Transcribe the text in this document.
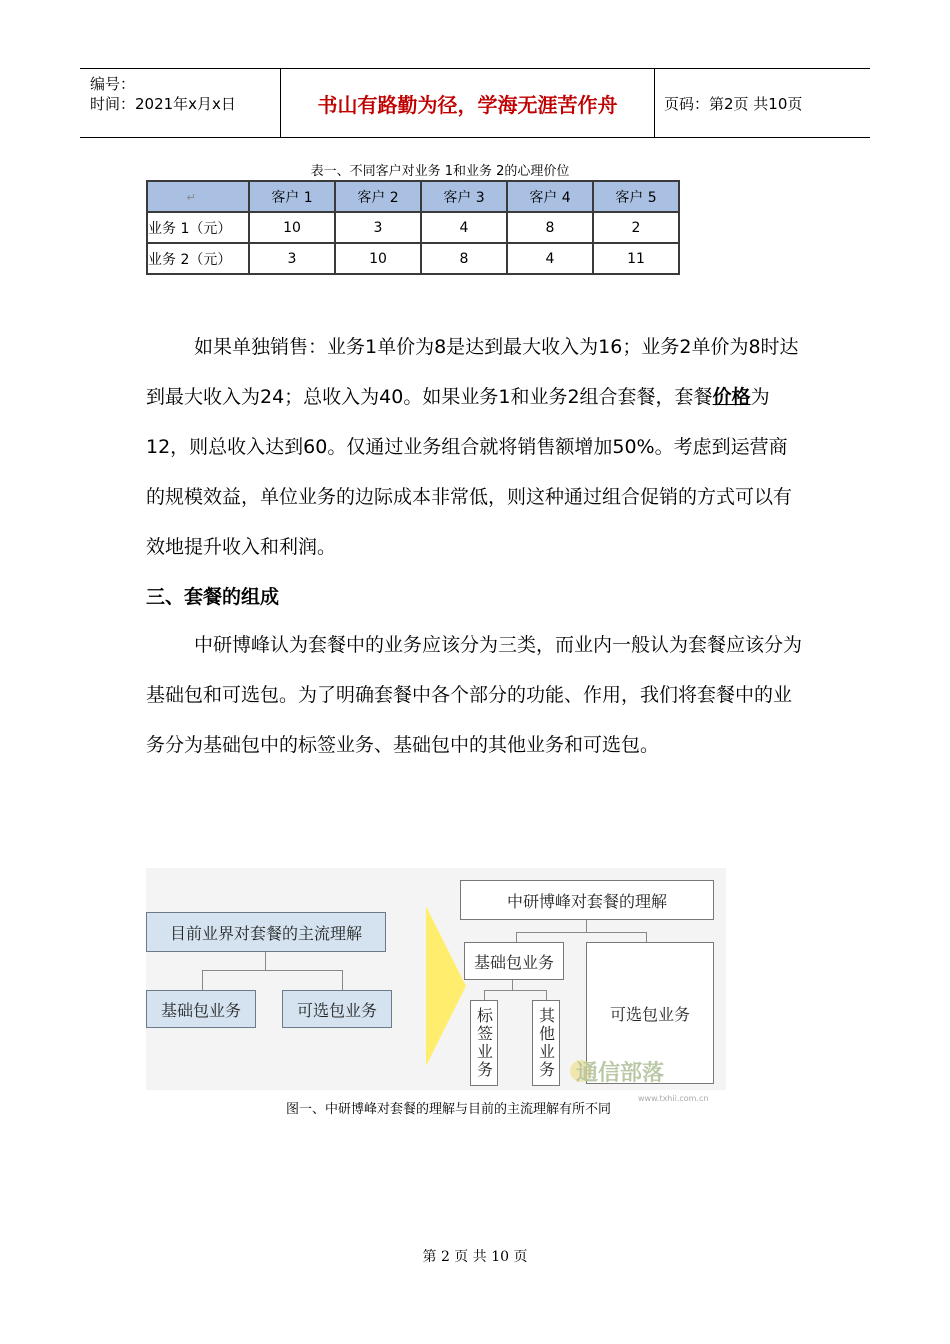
编号：
时间：2021年x月x日	书山有路勤为径，学海无涯苦作舟	页码：第2页 共10页
表一、不同客户对业务 1和业务 2的心理价位
↵	客户 1	客户 2	客户 3	客户 4	客户 5
业务 1（元）	10	3	4	8	2
业务 2（元）	3	10	8	4	11
如果单独销售：业务1单价为8是达到最大收入为16；业务2单价为8时达到最大收入为24；总收入为40。如果业务1和业务2组合套餐，套餐价格为12，则总收入达到60。仅通过业务组合就将销售额增加50%。考虑到运营商的规模效益，单位业务的边际成本非常低，则这种通过组合促销的方式可以有效地提升收入和利润。
三、套餐的组成
中研博峰认为套餐中的业务应该分为三类，而业内一般认为套餐应该分为基础包和可选包。为了明确套餐中各个部分的功能、作用，我们将套餐中的业务分为基础包中的标签业务、基础包中的其他业务和可选包。
目前业界对套餐的主流理解
基础包业务	可选包业务
中研博峰对套餐的理解
基础包业务
可选包业务
标签业务	其他业务 通信部落
www.txhii.com.cn
图一、中研博峰对套餐的理解与目前的主流理解有所不同
第 2 页 共 10 页
